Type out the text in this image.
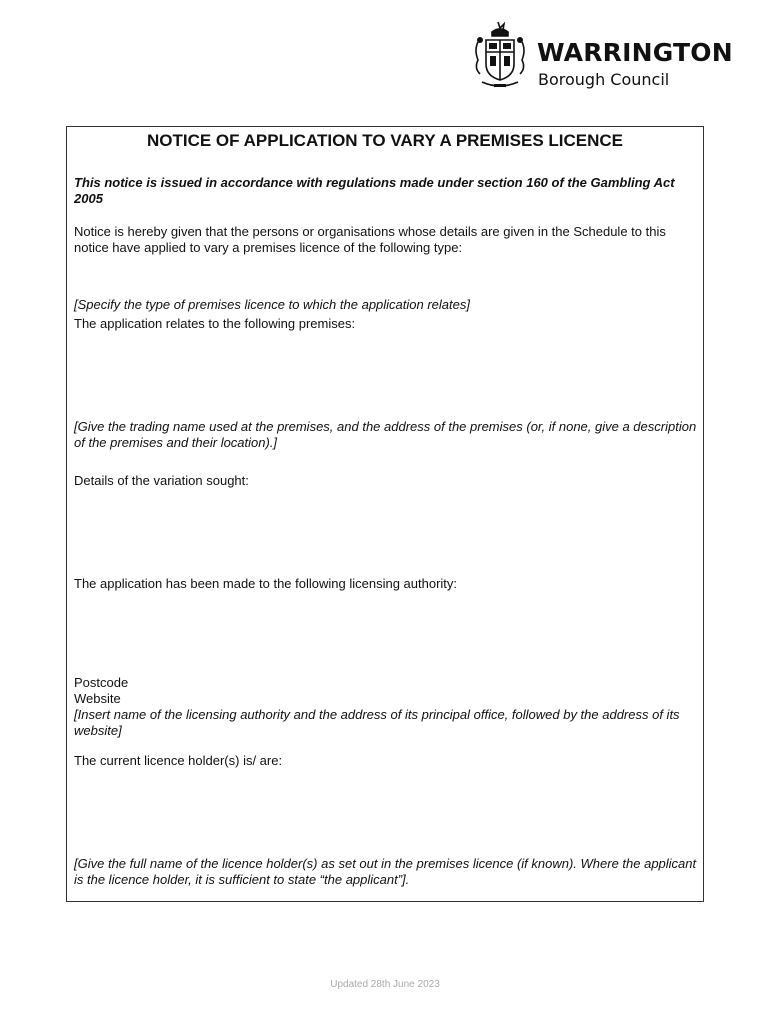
WARRINGTON
Borough Council
NOTICE OF APPLICATION TO VARY A PREMISES LICENCE
This notice is issued in accordance with regulations made under section 160 of the Gambling Act 2005
Notice is hereby given that the persons or organisations whose details are given in the Schedule to this notice have applied to vary a premises licence of the following type:
[Specify the type of premises licence to which the application relates]
The application relates to the following premises:
[Give the trading name used at the premises, and the address of the premises (or, if none, give a description of the premises and their location).]
Details of the variation sought:
The application has been made to the following licensing authority:
Postcode
Website
[Insert name of the licensing authority and the address of its principal office, followed by the address of its website]
The current licence holder(s) is/ are:
[Give the full name of the licence holder(s) as set out in the premises licence (if known). Where the applicant is the licence holder, it is sufficient to state “the applicant”].
Updated 28th June 2023
